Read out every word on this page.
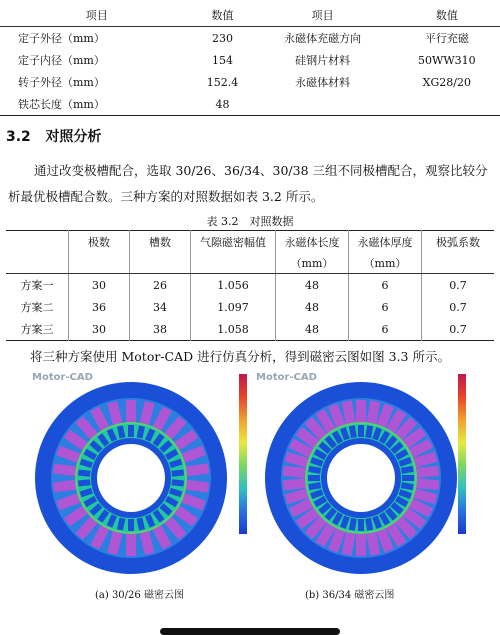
项目	数值	项目	数值
定子外径（mm）	230	永磁体充磁方向	平行充磁
定子内径（mm）	154	硅钢片材料	50WW310
转子外径（mm）	152.4	永磁体材料	XG28/20
铁芯长度（mm）	48		
3.2 对照分析
通过改变极槽配合，选取 30/26、36/34、30/38 三组不同极槽配合，观察比较分析最优极槽配合数。三种方案的对照数据如表 3.2 所示。
表 3.2　对照数据
	极数	槽数	气隙磁密幅值	永磁体长度	永磁体厚度	极弧系数
				（mm）	（mm）	
方案一	30	26	1.056	48	6	0.7
方案二	36	34	1.097	48	6	0.7
方案三	30	38	1.058	48	6	0.7
将三种方案使用 Motor-CAD 进行仿真分析，得到磁密云图如图 3.3 所示。
Motor-CAD	Motor-CAD
(a) 30/26 磁密云图	(b) 36/34 磁密云图
